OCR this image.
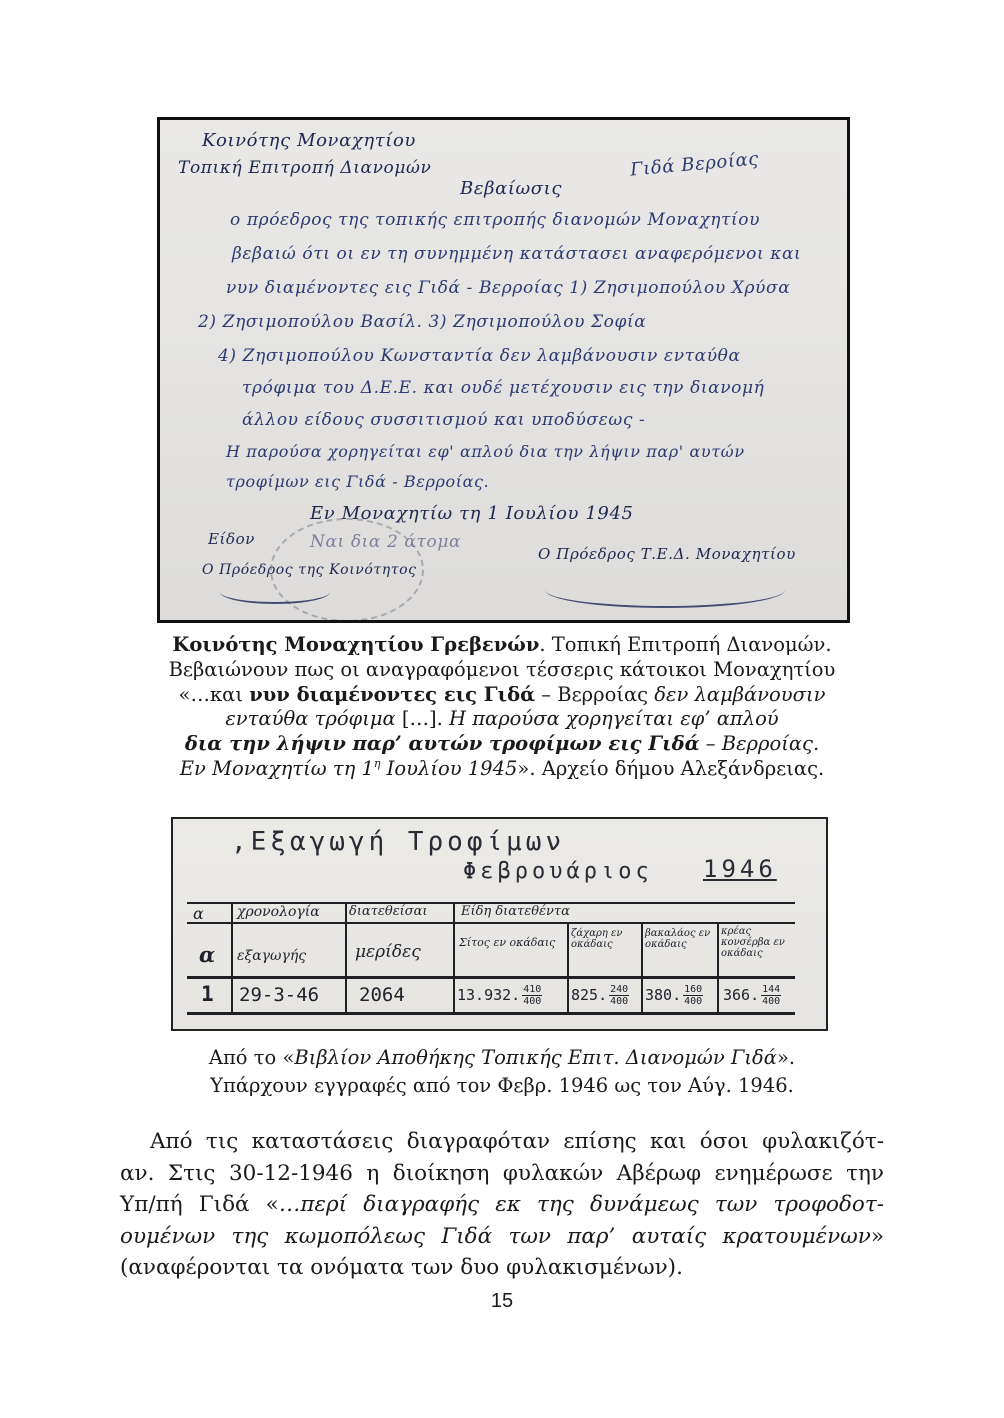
Κοινότης Μοναχητίου
Τοπική Επιτροπή Διανομών	Γιδά Βεροίας
Βεβαίωσις
ο πρόεδρος της τοπικής επιτροπής διανομών Μοναχητίου
βεβαιώ ότι οι εν τη συνημμένη κατάστασει αναφερόμενοι και
νυν διαμένοντες εις Γιδά - Βερροίας 1) Ζησιμοπούλου Χρύσα
2) Ζησιμοπούλου Βασίλ. 3) Ζησιμοπούλου Σοφία
4) Ζησιμοπούλου Κωνσταντία δεν λαμβάνουσιν ενταύθα
τρόφιμα του Δ.Ε.Ε. και ουδέ μετέχουσιν εις την διανομή
άλλου είδους συσσιτισμού και υποδύσεως -
Η παρούσα χορηγείται εφ' απλού δια την λήψιν παρ' αυτών
τροφίμων εις Γιδά - Βερροίας.
Εν Μοναχητίω τη 1 Ιουλίου 1945
Ναι δια 2 άτομα
Είδον
Ο Πρόεδρος της Κοινότητος
Ο Πρόεδρος Τ.Ε.Δ. Μοναχητίου
Κοινότης Μοναχητίου Γρεβενών. Τοπική Επιτροπή Διανομών.
Βεβαιώνουν πως οι αναγραφόμενοι τέσσερις κάτοικοι Μοναχητίου
«…και νυν διαμένοντες εις Γιδά – Βερροίας δεν λαμβάνουσιν
ενταύθα τρόφιμα […]. Η παρούσα χορηγείται εφ’ απλού
δια την λήψιν παρ’ αυτών τροφίμων εις Γιδά – Βερροίας.
Εν Μοναχητίω τη $1^\eta$ Ιουλίου 1945». Αρχείο δήμου Αλεξάνδρειας.
,Εξαγωγή Τροφίμων
Φεβρουάριος 1946
α
α
χρονολογία
εξαγωγής
διατεθείσαι
μερίδες
Είδη διατεθέντα
Σίτος εν οκάδαις
ζάχαρη εν οκάδαις
βακαλάος εν οκάδαις
κρέας κονσέρβα εν οκάδαις
1 29-3-46 2064	13.932. $\frac{410}{400} 825$. $\frac{240}{400} 380$. $\frac{160}{400} 366$. $\frac{144}{400}$
Από το «Βιβλίον Αποθήκης Τοπικής Επιτ. Διανομών Γιδά».
Υπάρχουν εγγραφές από τον Φεβρ. 1946 ως τον Αύγ. 1946.
Από τις καταστάσεις διαγραφόταν επίσης και όσοι φυλακιζότ-
αν. Στις 30-12-1946 η διοίκηση φυλακών Αβέρωφ ενημέρωσε την
Υπ/πή Γιδά «…περί διαγραφής εκ της δυνάμεως των τροφοδοτ-
ουμένων της κωμοπόλεως Γιδά των παρ’ αυταίς κρατουμένων»
(αναφέρονται τα ονόματα των δυο φυλακισμένων).
15
